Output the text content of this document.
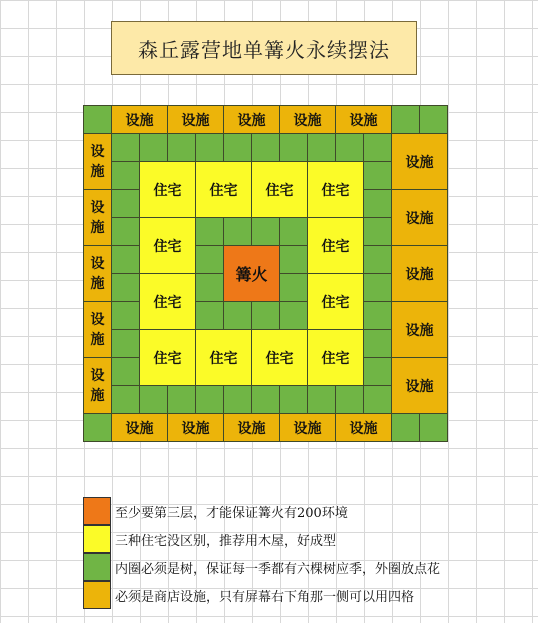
森丘露营地单篝火永续摆法
设施
设施
设施
设施
设施
设施
设施
设施
设施
设施
设
施
设
施
设
施
设
施
设
施
设施
设施
设施
设施
设施
住宅	住宅	住宅	住宅
住宅	住宅
住宅	住宅
住宅	住宅	住宅	住宅
篝火
至少要第三层，才能保证篝火有200环境
三种住宅没区别，推荐用木屋，好成型
内圈必须是树，保证每一季都有六棵树应季，外圈放点花
必须是商店设施，只有屏幕右下角那一侧可以用四格
